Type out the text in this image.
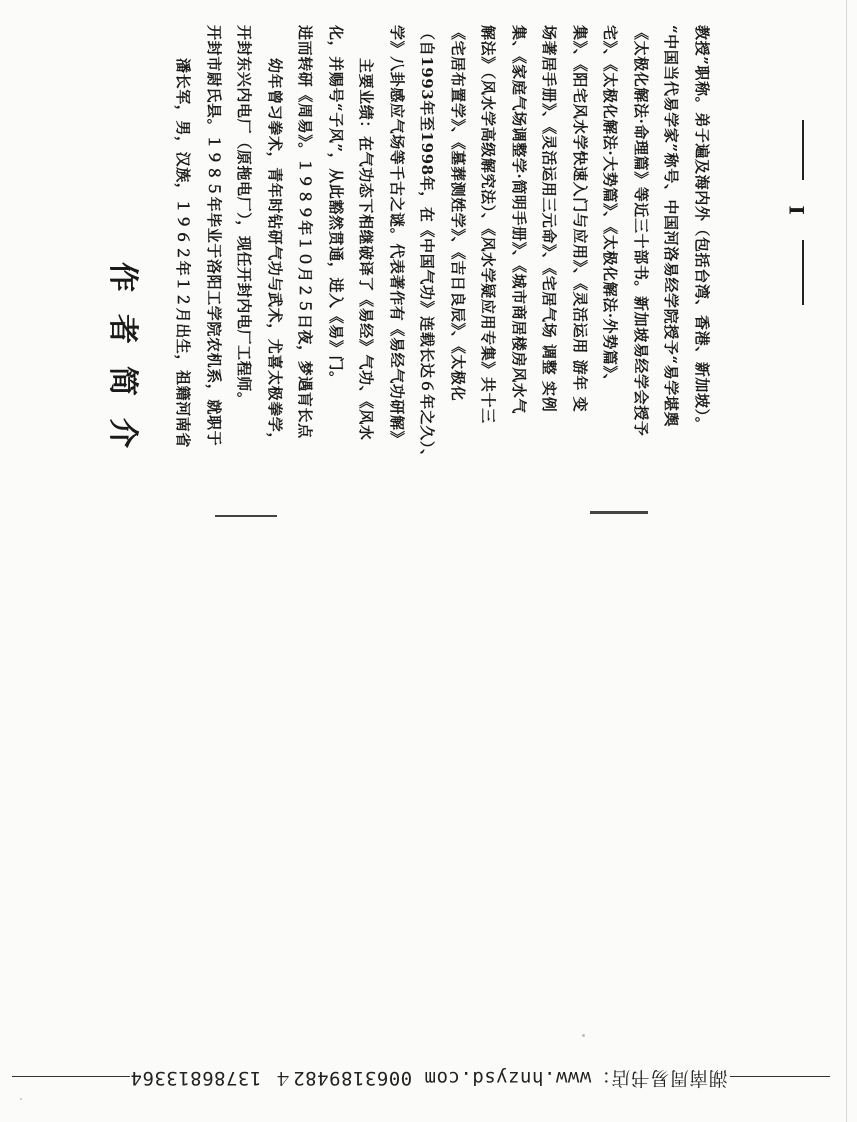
作者简介	潘长军，男，汉族，１９６２年１２月出生，祖籍河南省 开封市尉氏县。１９８５年毕业于洛阳工学院农机系，就职于 开封东兴内电厂（原拖电厂），现任开封内电厂工程师。 幼年曾习拳术，青年时钻研气功与武术，尤喜太极拳学， 进而转研《周易》。１９８９年１０月２５日夜，梦遇肓长点 化，并赐号“子风”，从此豁然贯通，进入《易》门。 主要业绩：在气功态下相继破译了《易经》气功、《风水 学》八卦感应气场等千古之谜。代表著作有《易经气功研解》 （自1993年至1998年，在《中国气功》连载长达６年之久）、 《宅居布置学》、《墓葬测姓学》、《吉日良辰》、《太极化 解法》（风水学高级解究法）、《风水学疑应用专集》共十三 集、《家庭气场调整学·简明手册》、《城市商居楼房风水气 场著居手册》、《灵活运用三元命》、《宅居气场 调整 实例 集》、《阳宅风水学快速入门与应用》、《灵活运用 游年 变 宅》、《太极化解法·大势篇》、《太极化解法·外势篇》、 《太极化解法·命理篇》等近三十部书。新加坡易经学会授予 “中国当代易学家”称号、中国河洛易经学院授予“易学堪舆 教授”职称。弟子遍及海内外（包括台湾、香港、新加坡）。	I
湖南周易书店：www.hnzysd.com 0063189482４ 13786813364
